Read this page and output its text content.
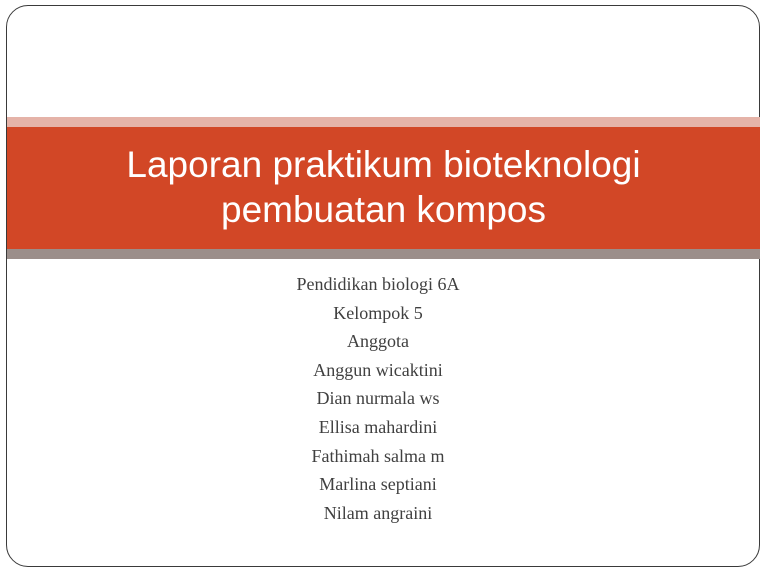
Laporan praktikum bioteknologi
pembuatan kompos
Pendidikan biologi 6A
Kelompok 5
Anggota
Anggun wicaktini
Dian nurmala ws
Ellisa mahardini
Fathimah salma m
Marlina septiani
Nilam angraini
